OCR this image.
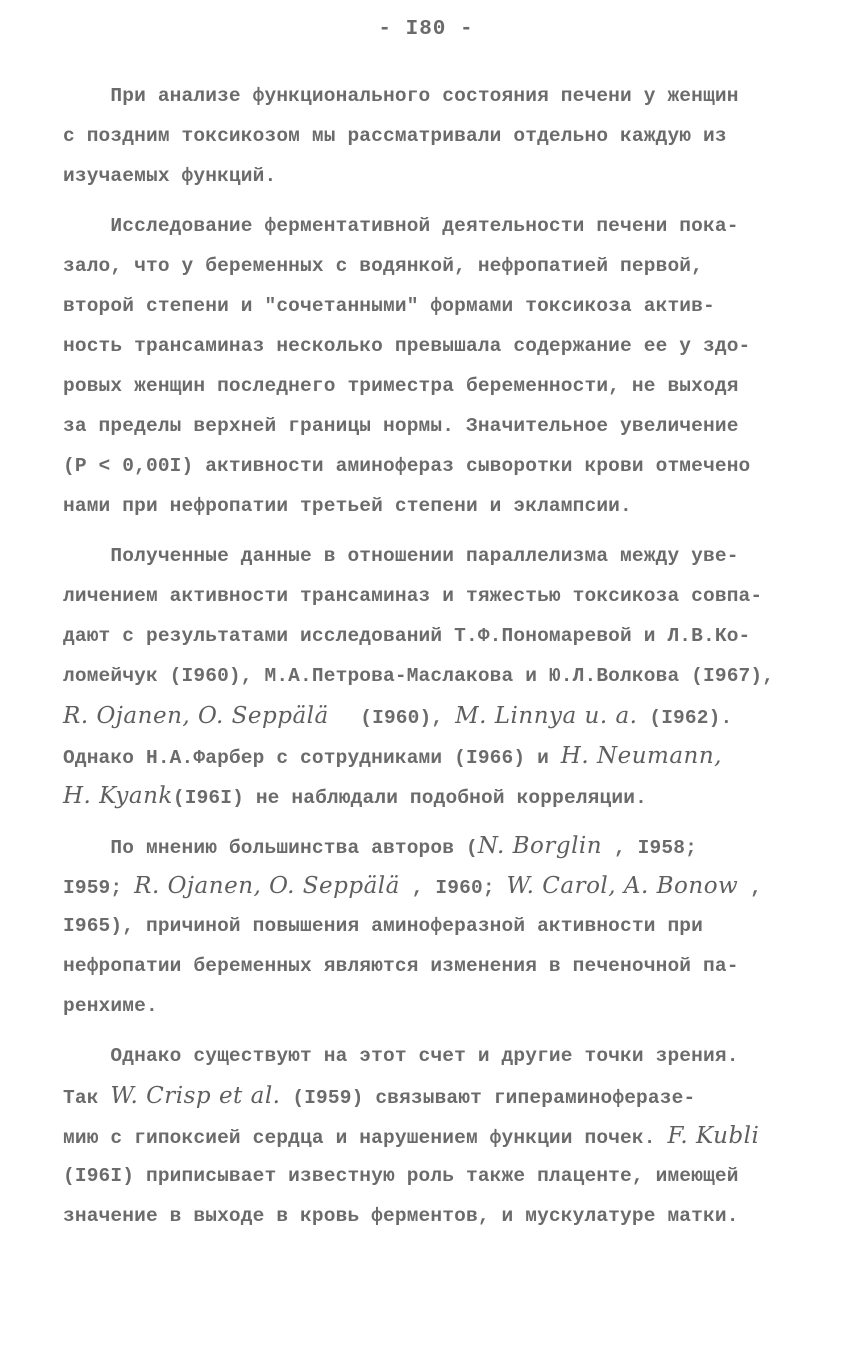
- I80 -
При анализе функционального состояния печени у женщин
с поздним токсикозом мы рассматривали отдельно каждую из
изучаемых функций.
Исследование ферментативной деятельности печени пока-
зало, что у беременных с водянкой, нефропатией первой,
второй степени и "сочетанными" формами токсикоза актив-
ность трансаминаз несколько превышала содержание ее у здо-
ровых женщин последнего триместра беременности, не выходя
за пределы верхней границы нормы. Значительное увеличение
(P < 0,00I) активности аминофераз сыворотки крови отмечено
нами при нефропатии третьей степени и эклампсии.
Полученные данные в отношении параллелизма между уве-
личением активности трансаминаз и тяжестью токсикоза совпа-
дают с результатами исследований Т.Ф.Пономаревой и Л.В.Ко-
ломейчук (I960), М.А.Петрова-Маслакова и Ю.Л.Волкова (I967),
R. Ojanen, O. Seppälä   (I960), M. Linnya u. a. (I962).
Однако Н.А.Фарбер с сотрудниками (I966) и H. Neumann,
H. Kyank(I96I) не наблюдали подобной корреляции.
По мнению большинства авторов (N. Borglin , I958;
I959; R. Ojanen, O. Seppälä , I960; W. Carol, A. Bonow ,
I965), причиной повышения аминоферазной активности при
нефропатии беременных являются изменения в печеночной па-
ренхиме.
Однако существуют на этот счет и другие точки зрения.
Так W. Crisp et al. (I959) связывают гипераминоферазе-
мию с гипоксией сердца и нарушением функции почек. F. Kubli
(I96I) приписывает известную роль также плаценте, имеющей
значение в выходе в кровь ферментов, и мускулатуре матки.
